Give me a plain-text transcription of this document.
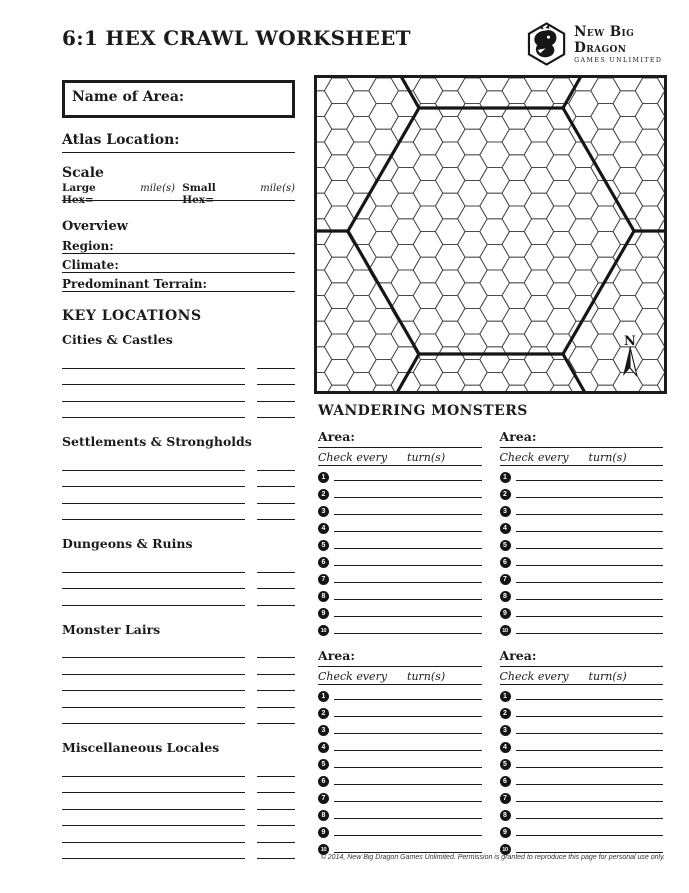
6:1 HEX CRAWL WORKSHEET	New Big Dragon
GAMES UNLIMITED
Name of Area:
Atlas Location:
Scale
Large Hex=
mile(s) Small Hex=
mile(s)
Overview
Region:
Climate:
Predominant Terrain:
KEY LOCATIONS
Cities & Castles
Settlements & Strongholds
Dungeons & Ruins
Monster Lairs
Miscellaneous Locales
N
WANDERING MONSTERS
Area:
Check every turn(s)
1
2
3
4
5
6
7
8
9
10
Area:
Check every turn(s)
1
2
3
4
5
6
7
8
9
10
Area:
Check every turn(s)
1
2
3
4
5
6
7
8
9
10
Area:
Check every turn(s)
1
2
3
4
5
6
7
8
9
10
© 2014, New Big Dragon Games Unlimited. Permission is granted to reproduce this page for personal use only.
